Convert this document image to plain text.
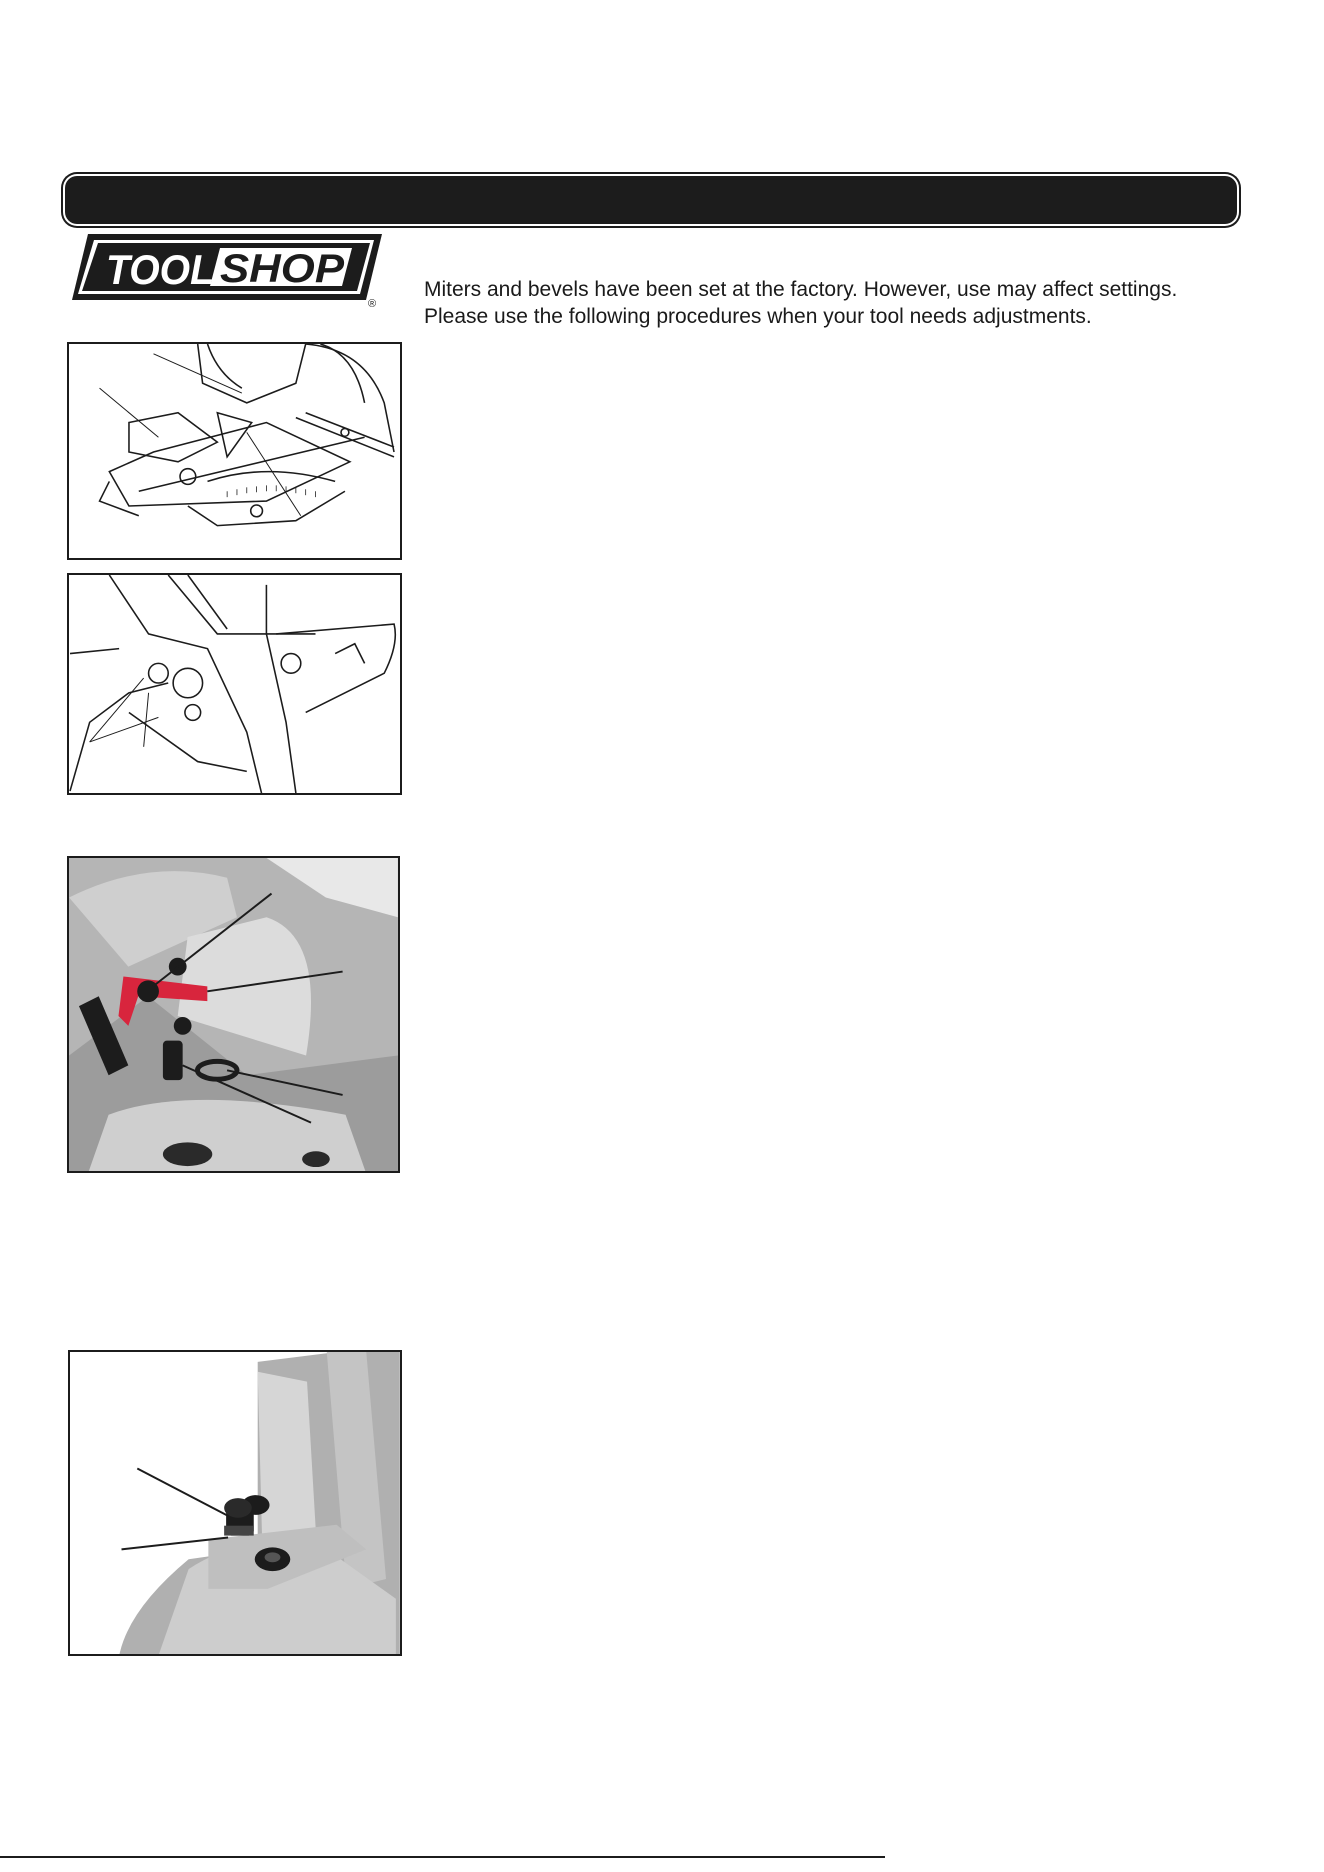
TOOL SHOP
®

Miters and bevels have been set at the factory. However, use may affect settings.

Please use the following procedures when your tool needs adjustments.
